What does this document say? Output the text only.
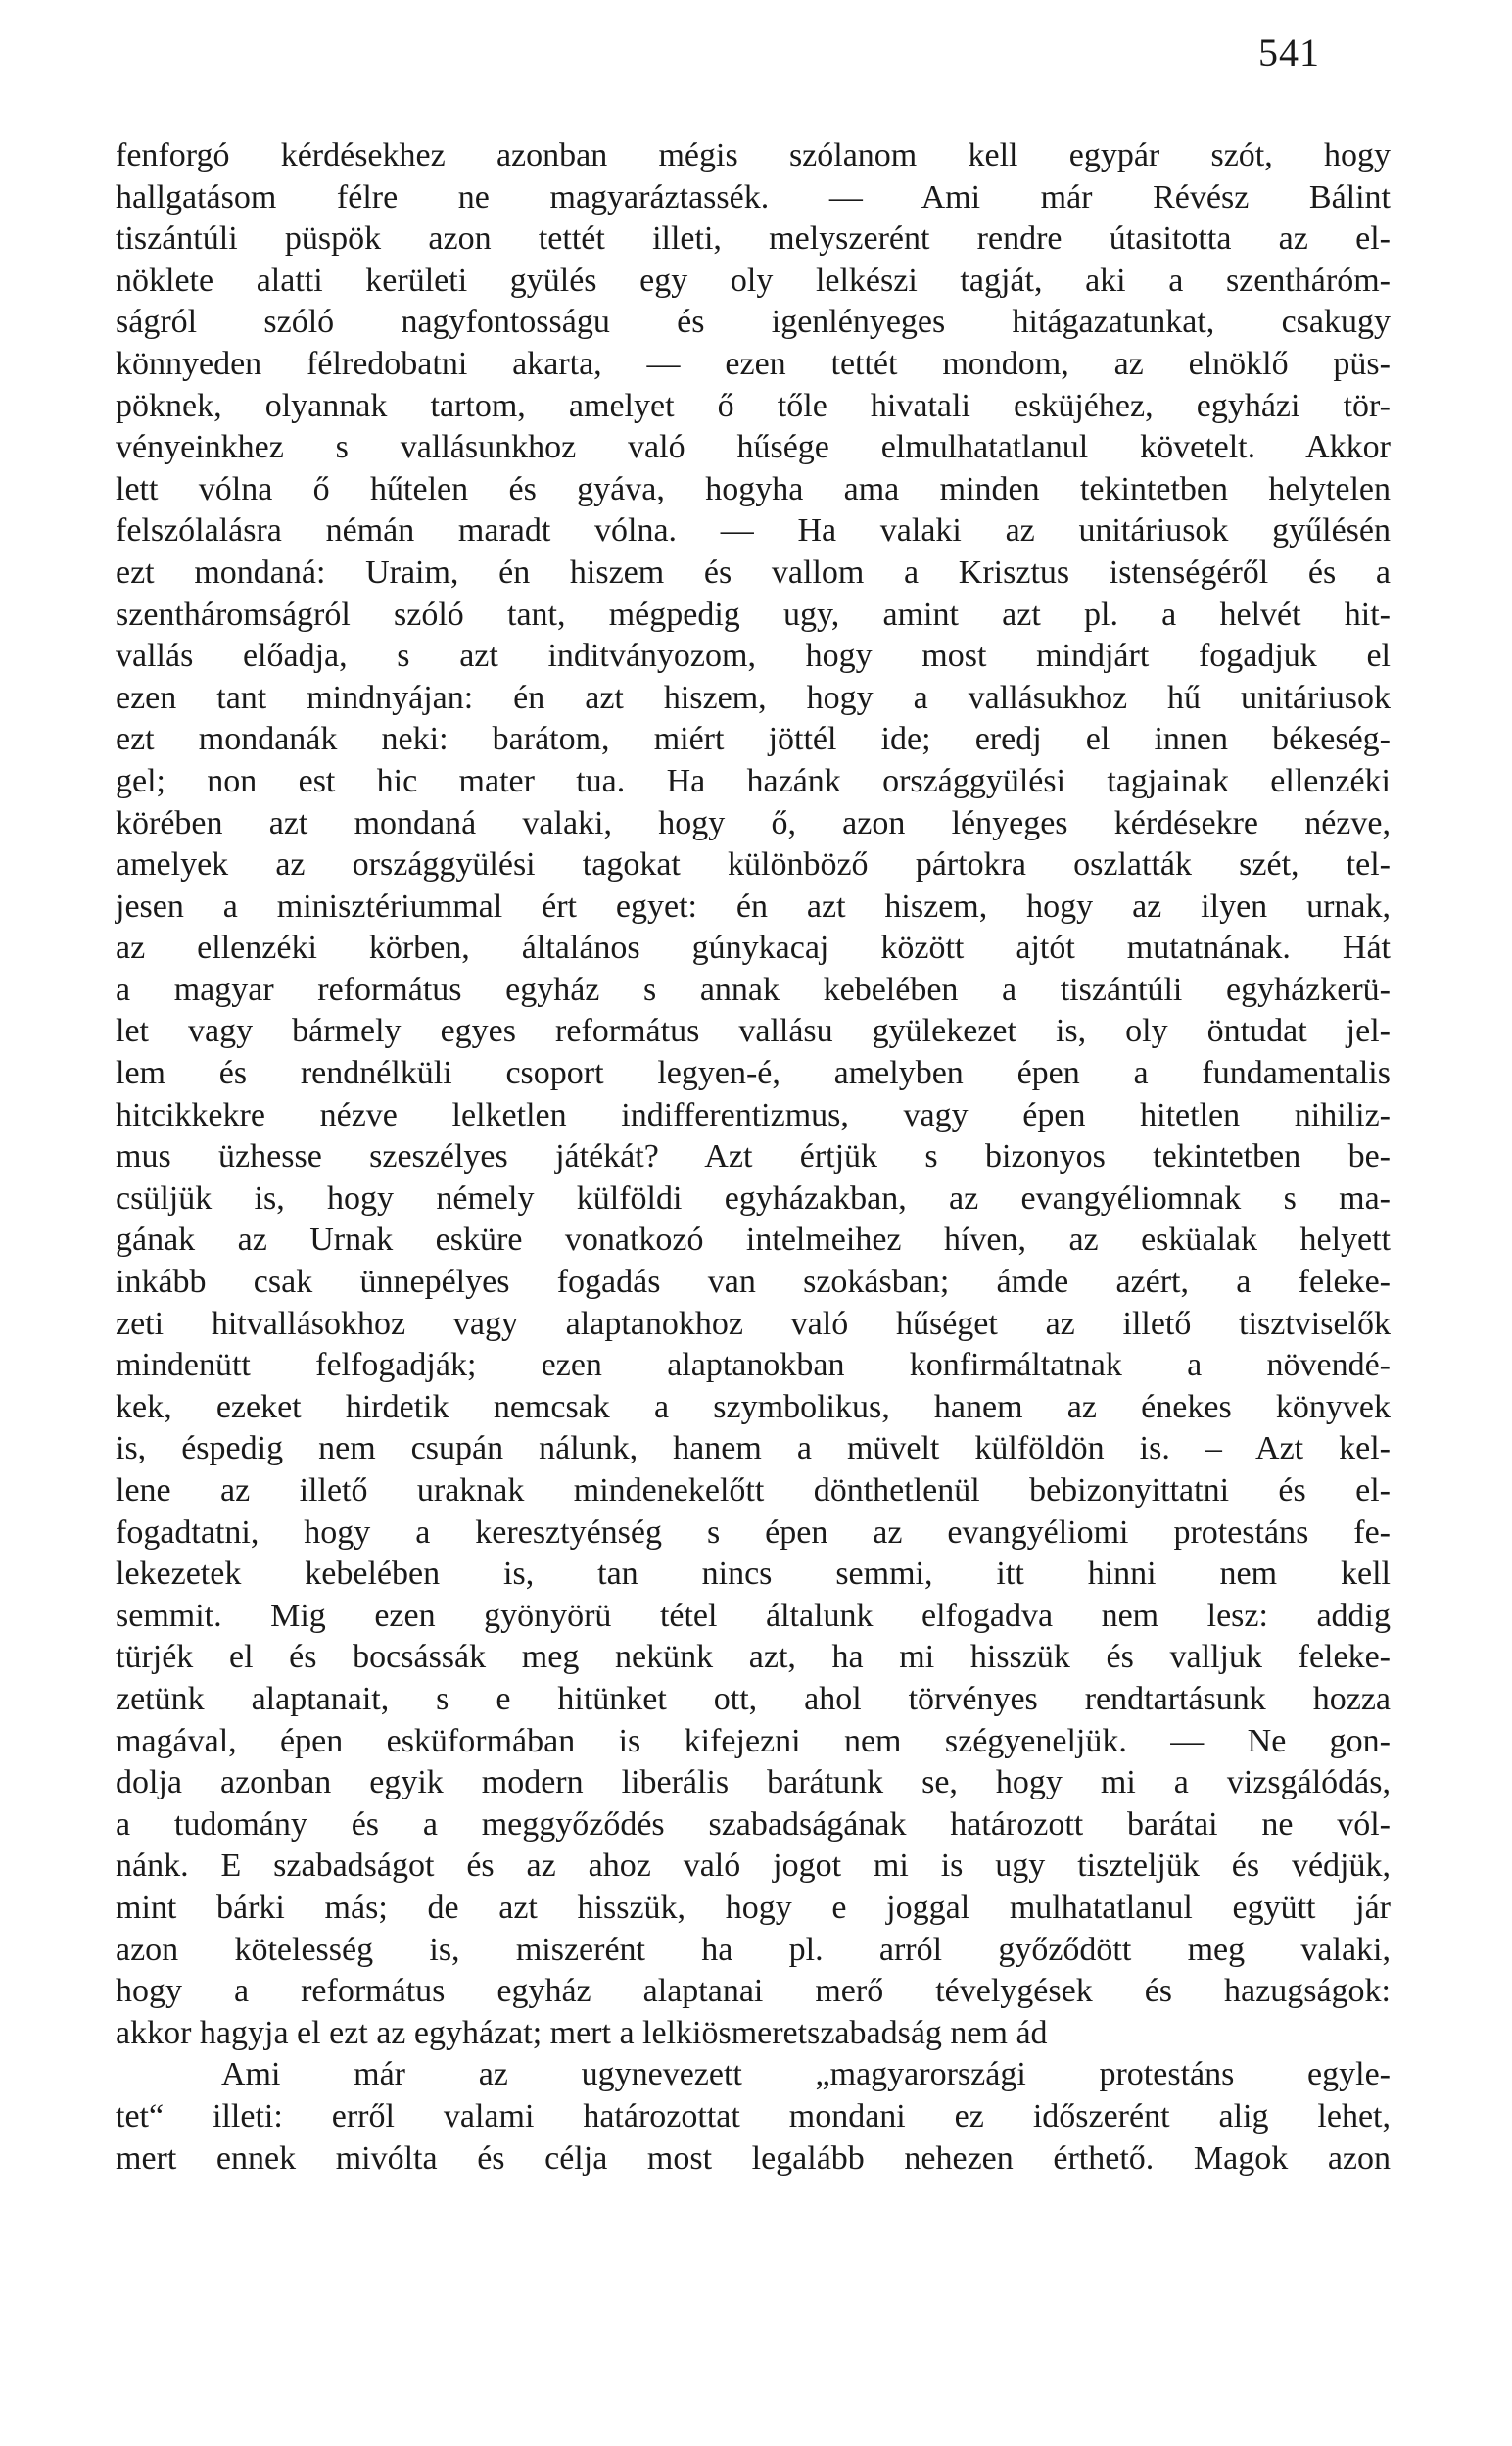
541
fenforgó kérdésekhez azonban mégis szólanom kell egypár szót, hogy
hallgatásom félre ne magyaráztassék. — Ami már Révész Bálint
tiszántúli püspök azon tettét illeti, melyszerént rendre útasitotta az el-
nöklete alatti kerületi gyülés egy oly lelkészi tagját, aki a szentháróm-
ságról szóló nagyfontosságu és igenlényeges hitágazatunkat, csakugy
könnyeden félredobatni akarta, — ezen tettét mondom, az elnöklő püs-
pöknek, olyannak tartom, amelyet ő tőle hivatali esküjéhez, egyházi tör-
vényeinkhez s vallásunkhoz való hűsége elmulhatatlanul követelt. Akkor
lett vólna ő hűtelen és gyáva, hogyha ama minden tekintetben helytelen
felszólalásra némán maradt vólna. — Ha valaki az unitáriusok gyűlésén
ezt mondaná: Uraim, én hiszem és vallom a Krisztus istenségéről és a
szentháromságról szóló tant, mégpedig ugy, amint azt pl. a helvét hit-
vallás előadja, s azt inditványozom, hogy most mindjárt fogadjuk el
ezen tant mindnyájan: én azt hiszem, hogy a vallásukhoz hű unitáriusok
ezt mondanák neki: barátom, miért jöttél ide; eredj el innen békeség-
gel; non est hic mater tua. Ha hazánk országgyülési tagjainak ellenzéki
körében azt mondaná valaki, hogy ő, azon lényeges kérdésekre nézve,
amelyek az országgyülési tagokat különböző pártokra oszlatták szét, tel-
jesen a minisztériummal ért egyet: én azt hiszem, hogy az ilyen urnak,
az ellenzéki körben, általános gúnykacaj között ajtót mutatnának. Hát
a magyar református egyház s annak kebelében a tiszántúli egyházkerü-
let vagy bármely egyes református vallásu gyülekezet is, oly öntudat jel-
lem és rendnélküli csoport legyen-é, amelyben épen a fundamentalis
hitcikkekre nézve lelketlen indifferentizmus, vagy épen hitetlen nihiliz-
mus üzhesse szeszélyes játékát? Azt értjük s bizonyos tekintetben be-
csüljük is, hogy némely külföldi egyházakban, az evangyéliomnak s ma-
gának az Urnak esküre vonatkozó intelmeihez híven, az esküalak helyett
inkább csak ünnepélyes fogadás van szokásban; ámde azért, a feleke-
zeti hitvallásokhoz vagy alaptanokhoz való hűséget az illető tisztviselők
mindenütt felfogadják; ezen alaptanokban konfirmáltatnak a növendé-
kek, ezeket hirdetik nemcsak a szymbolikus, hanem az énekes könyvek
is, éspedig nem csupán nálunk, hanem a müvelt külföldön is. – Azt kel-
lene az illető uraknak mindenekelőtt dönthetlenül bebizonyittatni és el-
fogadtatni, hogy a keresztyénség s épen az evangyéliomi protestáns fe-
lekezetek kebelében is, tan nincs semmi, itt hinni nem kell
semmit. Mig ezen gyönyörü tétel általunk elfogadva nem lesz: addig
türjék el és bocsássák meg nekünk azt, ha mi hisszük és valljuk feleke-
zetünk alaptanait, s e hitünket ott, ahol törvényes rendtartásunk hozza
magával, épen esküformában is kifejezni nem szégyeneljük. — Ne gon-
dolja azonban egyik modern liberális barátunk se, hogy mi a vizsgálódás,
a tudomány és a meggyőződés szabadságának határozott barátai ne vól-
nánk. E szabadságot és az ahoz való jogot mi is ugy tiszteljük és védjük,
mint bárki más; de azt hisszük, hogy e joggal mulhatatlanul együtt jár
azon kötelesség is, miszerént ha pl. arról győződött meg valaki,
hogy a református egyház alaptanai merő tévelygések és hazugságok:
akkor hagyja el ezt az egyházat; mert a lelkiösmeretszabadság nem ád
Ami már az ugynevezett „magyarországi protestáns egyle-
tet“ illeti: erről valami határozottat mondani ez időszerént alig lehet,
mert ennek mivólta és célja most legalább nehezen érthető. Magok azon
